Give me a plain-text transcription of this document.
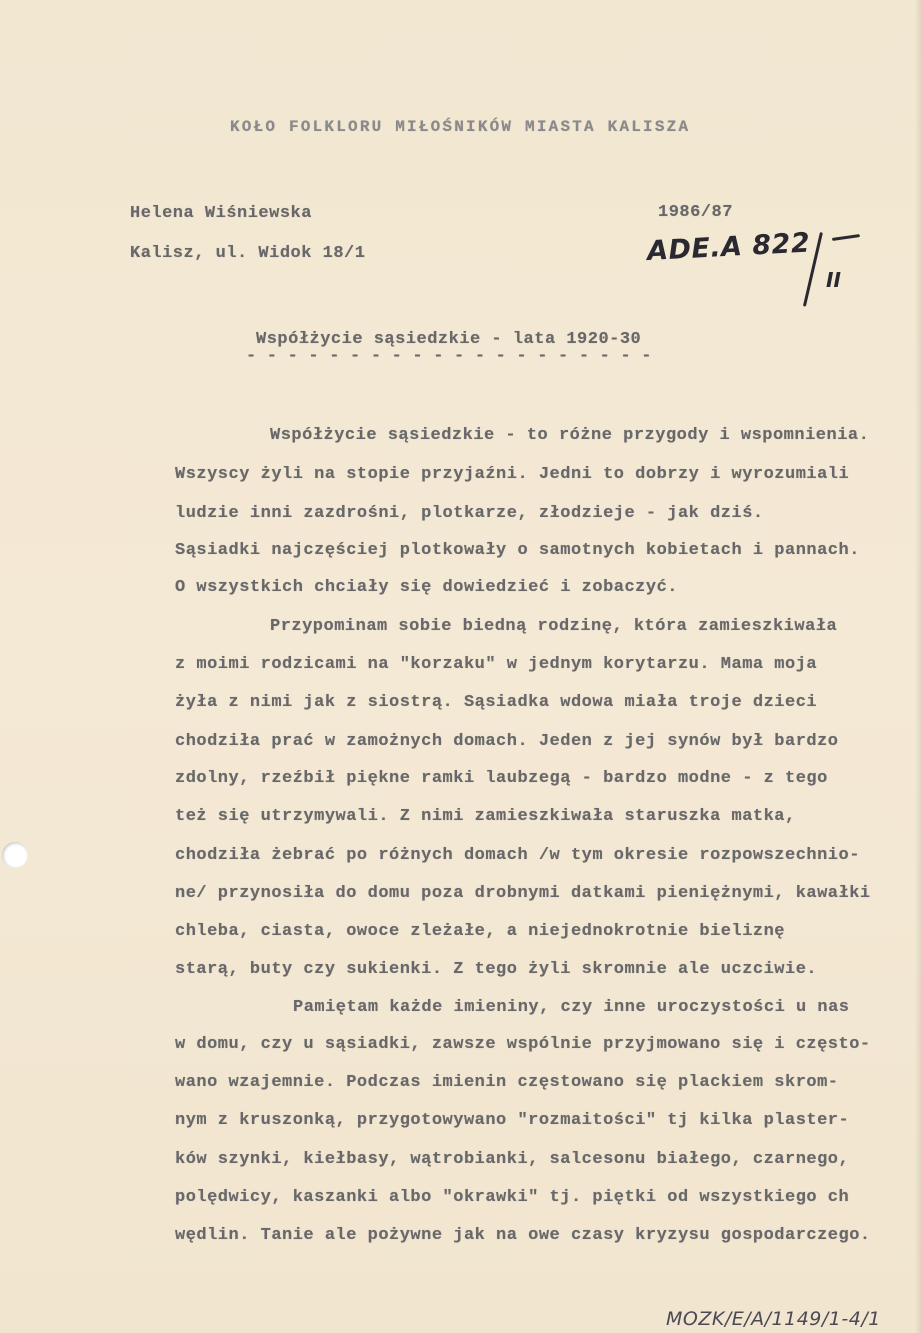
KOŁO FOLKLORU MIŁOŚNIKÓW MIASTA KALISZA
Helena Wiśniewska
Kalisz, ul. Widok 18/1
1986/87
ADE.A 822
II
Współżycie sąsiedzkie - lata 1920-30
- - - - - - - - - - - - - - - - - - - -
Współżycie sąsiedzkie - to różne przygody i wspomnienia.
Wszyscy żyli na stopie przyjaźni. Jedni to dobrzy i wyrozumiali
ludzie inni zazdrośni, plotkarze, złodzieje - jak dziś.
Sąsiadki najczęściej plotkowały o samotnych kobietach i pannach.
O wszystkich chciały się dowiedzieć i zobaczyć.
Przypominam sobie biedną rodzinę, która zamieszkiwała
z moimi rodzicami na "korzaku" w jednym korytarzu. Mama moja
żyła z nimi jak z siostrą. Sąsiadka wdowa miała troje dzieci
chodziła prać w zamożnych domach. Jeden z jej synów był bardzo
zdolny, rzeźbił piękne ramki laubzegą - bardzo modne - z tego
też się utrzymywali. Z nimi zamieszkiwała staruszka matka,
chodziła żebrać po różnych domach /w tym okresie rozpowszechnio-
ne/ przynosiła do domu poza drobnymi datkami pieniężnymi, kawałki
chleba, ciasta, owoce zleżałe, a niejednokrotnie bieliznę
starą, buty czy sukienki. Z tego żyli skromnie ale uczciwie.
Pamiętam każde imieniny, czy inne uroczystości u nas
w domu, czy u sąsiadki, zawsze wspólnie przyjmowano się i często-
wano wzajemnie. Podczas imienin częstowano się plackiem skrom-
nym z kruszonką, przygotowywano "rozmaitości" tj kilka plaster-
ków szynki, kiełbasy, wątrobianki, salcesonu białego, czarnego,
polędwicy, kaszanki albo "okrawki" tj. piętki od wszystkiego ch
wędlin. Tanie ale pożywne jak na owe czasy kryzysu gospodarczego.
MOZK/E/A/1149/1-4/1
